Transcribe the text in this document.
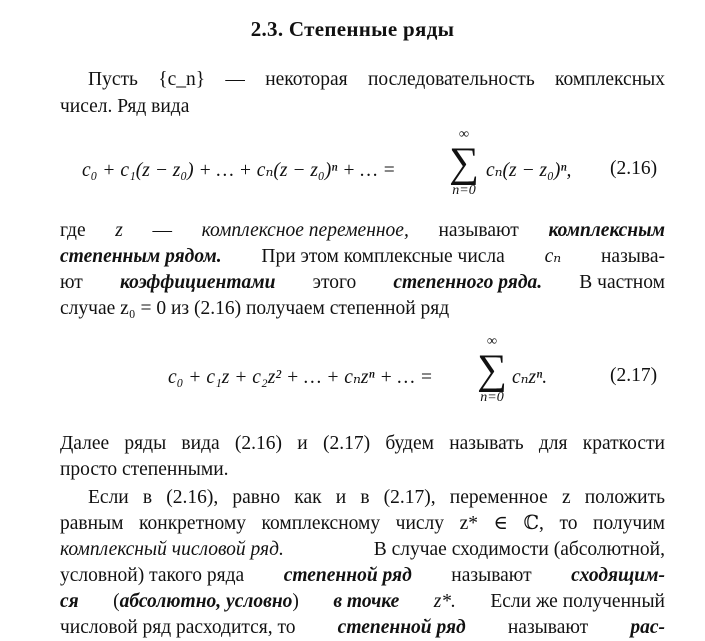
2.3. Степенные ряды
Пусть {c_n} — некоторая последовательность комплексных
чисел. Ряд вида
c₀ + c₁(z − z₀) + … + cₙ(z − z₀)ⁿ + … =
∞
∑
n=0
cₙ(z − z₀)ⁿ, (2.16)
где z — комплексное переменное, называют комплексным
степенным рядом. При этом комплексные числа cₙ называ-
ют коэффициентами этого степенного ряда. В частном
случае z₀ = 0 из (2.16) получаем степенной ряд
c₀ + c₁z + c₂z² + … + cₙzⁿ + … =
∞
∑
n=0
cₙzⁿ.	(2.17)
Далее ряды вида (2.16) и (2.17) будем называть для краткости
просто степенными.
Если в (2.16), равно как и в (2.17), переменное z положить
равным конкретному комплексному числу z* ∈ ℂ, то получим
комплексный числовой ряд.	В случае сходимости (абсолютной,
условной) такого ряда степенной ряд называют сходящим-
ся (абсолютно, условно) в точке z*. Если же полученный
числовой ряд расходится, то степенной ряд называют рас-
